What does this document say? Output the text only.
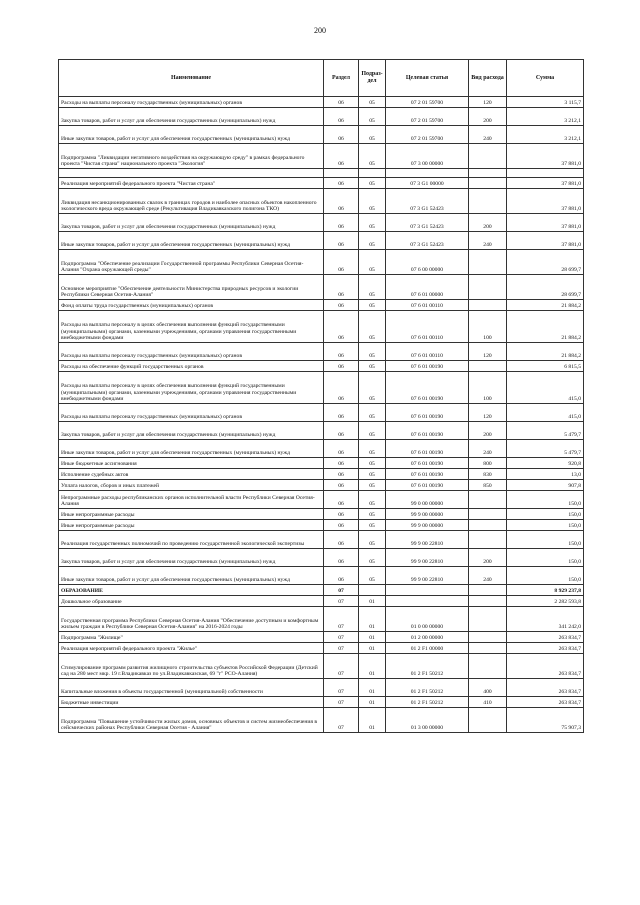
200
Наименование	Раздел	Подраз-дел	Целевая статья	Вид расхода	Сумма
Расходы на выплаты персоналу государственных (муниципальных) органов	06	05	07 2 01 59700	120	3 115,7
Закупка товаров, работ и услуг для обеспечения государственных (муниципальных) нужд	06	05	07 2 01 59700	200	3 212,1
Иные закупки товаров, работ и услуг для обеспечения государственных (муниципальных) нужд	06	05	07 2 01 59700	240	3 212,1
Подпрограмма "Ликвидации негативного воздействия на окружающую среду" в рамках федерального проекта "Чистая страна" национального проекта "Экология"	06	05	07 3 00 00000		37 881,0

Реализация мероприятий федерального проекта "Чистая страна"	06	05	07 3 G1 00000		37 881,0
Ликвидация несанкционированных свалок в границах городов и наиболее опасных объектов накопленного экологического вреда окружающей среде (Рекультивация Владикавказского полигона ТКО)	06	05	07 3 G1 52423		37 881,0
Закупка товаров, работ и услуг для обеспечения государственных (муниципальных) нужд	06	05	07 3 G1 52423	200	37 881,0
Иные закупки товаров, работ и услуг для обеспечения государственных (муниципальных) нужд	06	05	07 3 G1 52423	240	37 881,0
Подпрограмма "Обеспечение реализации Государственной программы Республики Северная Осетия-Алания "Охрана окружающей среды"	06	05	07 6 00 00000		28 699,7
Основное мероприятие "Обеспечение деятельности Министерства природных ресурсов и экологии Республики Северная Осетия-Алания"	06	05	07 6 01 00000		28 699,7
Фонд оплаты труда государственных (муниципальных) органов	06	05	07 6 01 00110		21 884,2
Расходы на выплаты персоналу в целях обеспечения выполнения функций государственными (муниципальными) органами, казенными учреждениями, органами управления государственными внебюджетными фондами	06	05	07 6 01 00110	100	21 884,2
Расходы на выплаты персоналу государственных (муниципальных) органов	06	05	07 6 01 00110	120	21 884,2
Расходы на обеспечение функций государственных органов	06	05	07 6 01 00190		6 815,5
Расходы на выплаты персоналу в целях обеспечения выполнения функций государственными (муниципальными) органами, казенными учреждениями, органами управления государственными внебюджетными фондами	06	05	07 6 01 00190	100	415,0
Расходы на выплаты персоналу государственных (муниципальных) органов	06	05	07 6 01 00190	120	415,0
Закупка товаров, работ и услуг для обеспечения государственных (муниципальных) нужд	06	05	07 6 01 00190	200	5 479,7
Иные закупки товаров, работ и услуг для обеспечения государственных (муниципальных) нужд	06	05	07 6 01 00190	240	5 479,7
Иные бюджетные ассигнования	06	05	07 6 01 00190	800	920,8
Исполнение судебных актов	06	05	07 6 01 00190	830	13,0
Уплата налогов, сборов и иных платежей	06	05	07 6 01 00190	850	907,8
Непрограммные расходы республиканских органов исполнительной власти Республики Северная Осетия-Алания	06	05	99 0 00 00000		150,0
Иные непрограммные расходы	06	05	99 9 00 00000		150,0
Иные непрограммные расходы	06	05	99 9 00 00000		150,0
Реализация государственных полномочий по проведению государственной экологической экспертизы	06	05	99 9 00 22810		150,0
Закупка товаров, работ и услуг для обеспечения государственных (муниципальных) нужд	06	05	99 9 00 22810	200	150,0
Иные закупки товаров, работ и услуг для обеспечения государственных (муниципальных) нужд	06	05	99 9 00 22810	240	150,0
ОБРАЗОВАНИЕ	07				8 929 237,8
Дошкольное образование	07	01			2 282 593,8
Государственная программа Республики Северная Осетия-Алания "Обеспечение доступным и комфортным жильем граждан в Республике Северная Осетия-Алания" на 2016-2024 годы	07	01	01 0 00 00000		341 242,0
Подпрограмма "Жилище"	07	01	01 2 00 00000		263 834,7
Реализация мероприятий федерального проекта "Жилье"	07	01	01 2 F1 00000		263 834,7
Стимулирование программ развития жилищного строительства субъектов Российской Федерации (Детский сад на 280 мест мкр. 19 г.Владикавказ по ул.Владикавказская, 69 "г" РСО-Алания)	07	01	01 2 F1 50212		263 834,7
Капитальные вложения в объекты государственной (муниципальной) собственности	07	01	01 2 F1 50212	400	263 834,7
Бюджетные инвестиции	07	01	01 2 F1 50212	410	263 834,7
Подпрограмма "Повышение устойчивости жилых домов, основных объектов и систем жизнеобеспечения в сейсмических районах Республики Северная Осетия - Алания"	07	01	01 3 00 00000		75 907,3
